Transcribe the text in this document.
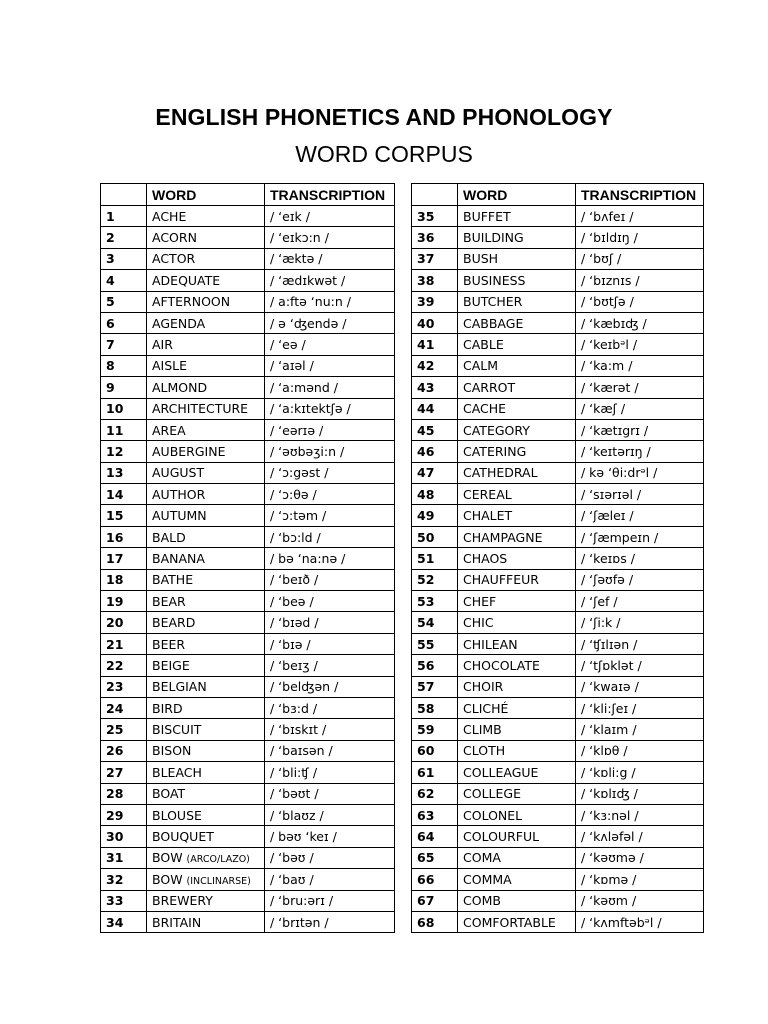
ENGLISH PHONETICS AND PHONOLOGY
WORD CORPUS
	WORD	TRANSCRIPTION
1	ACHE	/ ‘eɪk /
2	ACORN	/ ‘eɪkɔ:n /
3	ACTOR	/ ‘æktə /
4	ADEQUATE	/ ‘ædɪkwət /
5	AFTERNOON	/ a:ftə ‘nu:n /
6	AGENDA	/ ə ‘ʤendə /
7	AIR	/ ‘eə /
8	AISLE	/ ‘aɪəl /
9	ALMOND	/ ‘a:mənd /
10	ARCHITECTURE	/ ‘a:kɪtektʃə /
11	AREA	/ ‘eərɪə /
12	AUBERGINE	/ ‘əʊbəʒi:n /
13	AUGUST	/ ‘ɔ:gəst /
14	AUTHOR	/ ‘ɔ:θə /
15	AUTUMN	/ ‘ɔ:təm /
16	BALD	/ ‘bɔ:ld /
17	BANANA	/ bə ‘na:nə /
18	BATHE	/ ‘beɪð /
19	BEAR	/ ‘beə /
20	BEARD	/ ‘bɪəd /
21	BEER	/ ‘bɪə /
22	BEIGE	/ ‘beɪʒ /
23	BELGIAN	/ ‘belʤən /
24	BIRD	/ ‘bɜ:d /
25	BISCUIT	/ ‘bɪskɪt /
26	BISON	/ ‘baɪsən /
27	BLEACH	/ ‘bli:ʧ /
28	BOAT	/ ‘bəʊt /
29	BLOUSE	/ ‘blaʊz /
30	BOUQUET	/ bəʊ ‘keɪ /
31	BOW (ARCO/LAZO)	/ ‘bəʊ /
32	BOW (INCLINARSE)	/ ‘baʊ /
33	BREWERY	/ ‘bru:ərɪ /
34	BRITAIN	/ ‘brɪtən /
	WORD	TRANSCRIPTION
35	BUFFET	/ ‘bʌfeɪ /
36	BUILDING	/ ‘bɪldɪŋ /
37	BUSH	/ ‘bʊʃ /
38	BUSINESS	/ ‘bɪznɪs /
39	BUTCHER	/ ‘bʊtʃə /
40	CABBAGE	/ ‘kæbɪʤ /
41	CABLE	/ ‘keɪbᵊl /
42	CALM	/ ‘ka:m /
43	CARROT	/ ‘kærət /
44	CACHE	/ ‘kæʃ /
45	CATEGORY	/ ‘kætɪgrɪ /
46	CATERING	/ ‘keɪtərɪŋ /
47	CATHEDRAL	/ kə ‘θi:drᵊl /
48	CEREAL	/ ‘sɪərɪəl /
49	CHALET	/ ‘ʃæleɪ /
50	CHAMPAGNE	/ ‘ʃæmpeɪn /
51	CHAOS	/ ‘keɪɒs /
52	CHAUFFEUR	/ ‘ʃəʊfə /
53	CHEF	/ ‘ʃef /
54	CHIC	/ ‘ʃi:k /
55	CHILEAN	/ ‘ʧɪlɪən /
56	CHOCOLATE	/ ‘tʃɒklət /
57	CHOIR	/ ‘kwaɪə /
58	CLICHÉ	/ ‘kli:ʃeɪ /
59	CLIMB	/ ‘klaɪm /
60	CLOTH	/ ‘klɒθ /
61	COLLEAGUE	/ ‘kɒli:g /
62	COLLEGE	/ ‘kɒlɪʤ /
63	COLONEL	/ ‘kɜ:nəl /
64	COLOURFUL	/ ‘kʌləfəl /
65	COMA	/ ‘kəʊmə /
66	COMMA	/ ‘kɒmə /
67	COMB	/ ‘kəʊm /
68	COMFORTABLE	/ ‘kʌmftəbᵊl /
